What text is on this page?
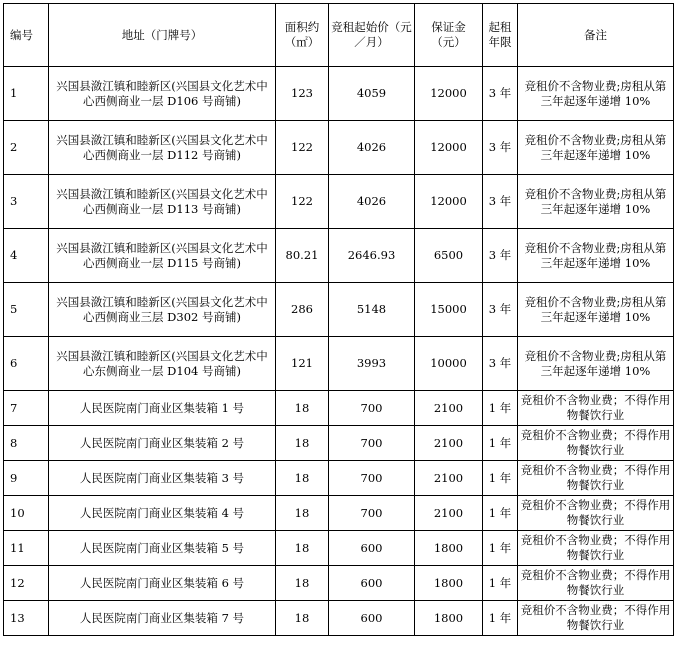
编号	地址（门牌号）	面积约（㎡）	竞租起始价（元／月）	保证金（元）	起租年限	备注
1	兴国县潋江镇和睦新区(兴国县文化艺术中心西侧商业一层 D106 号商铺)	123	4059	12000	3 年	竞租价不含物业费;房租从第三年起逐年递增 10%
2	兴国县潋江镇和睦新区(兴国县文化艺术中心西侧商业一层 D112 号商铺)	122	4026	12000	3 年	竞租价不含物业费;房租从第三年起逐年递增 10%
3	兴国县潋江镇和睦新区(兴国县文化艺术中心西侧商业一层 D113 号商铺)	122	4026	12000	3 年	竞租价不含物业费;房租从第三年起逐年递增 10%
4	兴国县潋江镇和睦新区(兴国县文化艺术中心西侧商业一层 D115 号商铺)	80.21	2646.93	6500	3 年	竞租价不含物业费;房租从第三年起逐年递增 10%
5	兴国县潋江镇和睦新区(兴国县文化艺术中心西侧商业三层 D302 号商铺)	286	5148	15000	3 年	竞租价不含物业费;房租从第三年起逐年递增 10%
6	兴国县潋江镇和睦新区(兴国县文化艺术中心东侧商业一层 D104 号商铺)	121	3993	10000	3 年	竞租价不含物业费;房租从第三年起逐年递增 10%
7	人民医院南门商业区集装箱 1 号	18	700	2100	1 年	竞租价不含物业费；不得作用物餐饮行业
8	人民医院南门商业区集装箱 2 号	18	700	2100	1 年	竞租价不含物业费；不得作用物餐饮行业
9	人民医院南门商业区集装箱 3 号	18	700	2100	1 年	竞租价不含物业费；不得作用物餐饮行业
10	人民医院南门商业区集装箱 4 号	18	700	2100	1 年	竞租价不含物业费；不得作用物餐饮行业
11	人民医院南门商业区集装箱 5 号	18	600	1800	1 年	竞租价不含物业费；不得作用物餐饮行业
12	人民医院南门商业区集装箱 6 号	18	600	1800	1 年	竞租价不含物业费；不得作用物餐饮行业
13	人民医院南门商业区集装箱 7 号	18	600	1800	1 年	竞租价不含物业费；不得作用物餐饮行业
